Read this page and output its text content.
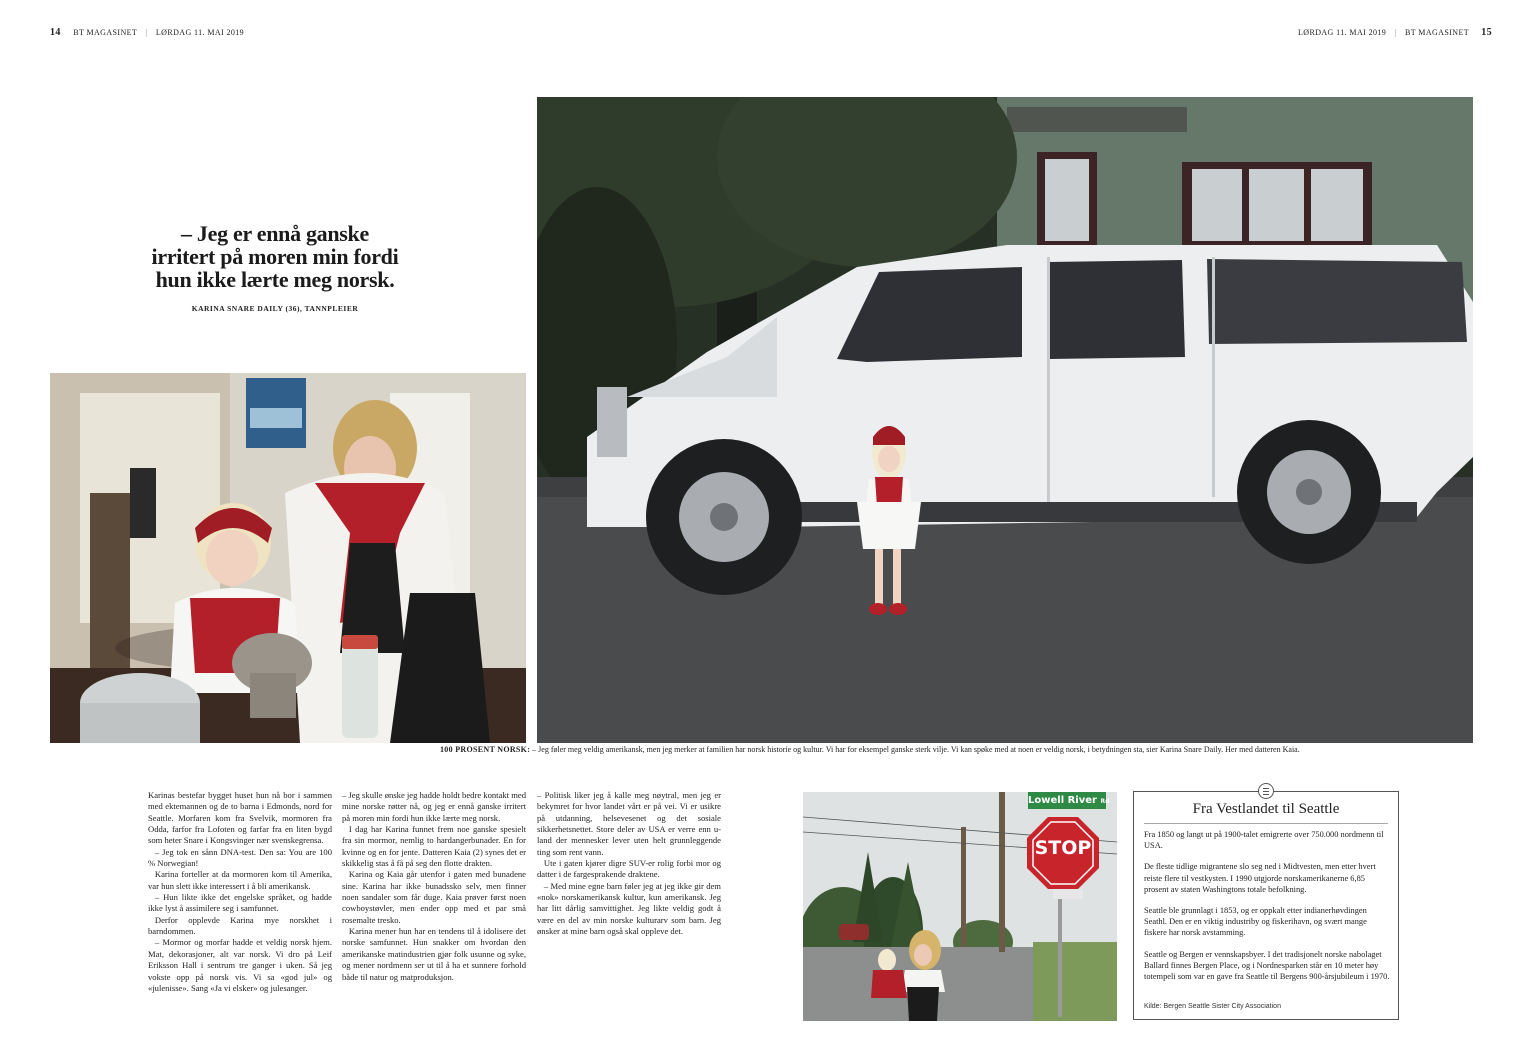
14 BT MAGASINET | LØRDAG 11. MAI 2019	LØRDAG 11. MAI 2019 | BT MAGASINET 15
– Jeg er ennå ganske
irritert på moren min fordi
hun ikke lærte meg norsk.
KARINA SNARE DAILY (36), TANNPLEIER
100 PROSENT NORSK: – Jeg føler meg veldig amerikansk, men jeg merker at familien har norsk historie og kultur. Vi har for eksempel ganske sterk vilje. Vi kan spøke med at noen er veldig norsk, i betydningen sta, sier Karina Snare Daily. Her med datteren Kaia.

Karinas bestefar bygget huset hun nå bor i sammen med ektemannen og de to barna i Edmonds, nord for Seattle. Morfaren kom fra Svelvik, mormoren fra Odda, farfor fra Lofoten og farfar fra en liten bygd som heter Snare i Kongsvinger nær svenskegrensa.

– Jeg tok en sånn DNA-test. Den sa: You are 100 % Norwegian!

Karina forteller at da mormoren kom til Amerika, var hun slett ikke interessert i å bli amerikansk.

– Hun likte ikke det engelske språket, og hadde ikke lyst å assimilere seg i samfunnet.

Derfor opplevde Karina mye norskhet i barndommen.

– Mormor og morfar hadde et veldig norsk hjem. Mat, dekorasjoner, alt var norsk. Vi dro på Leif Eriksson Hall i sentrum tre ganger i uken. Så jeg vokste opp på norsk vis. Vi sa «god jul» og «julenisse». Sang «Ja vi elsker» og julesanger.

– Jeg skulle ønske jeg hadde holdt bedre kontakt med mine norske røtter nå, og jeg er ennå ganske irritert på moren min fordi hun ikke lærte meg norsk.

I dag har Karina funnet frem noe ganske spesielt fra sin mormor, nemlig to hardangerbunader. En for kvinne og en for jente. Datteren Kaia (2) synes det er skikkelig stas å få på seg den flotte drakten.

Karina og Kaia går utenfor i gaten med bunadene sine. Karina har ikke bunadssko selv, men finner noen sandaler som får duge. Kaia prøver først noen cowboystøvler, men ender opp med et par små rosemalte tresko.

Karina mener hun har en tendens til å idolisere det norske samfunnet. Hun snakker om hvordan den amerikanske matindustrien gjør folk usunne og syke, og mener nordmenn ser ut til å ha et sunnere forhold både til natur og matproduksjon.

– Politisk liker jeg å kalle meg nøytral, men jeg er bekymret for hvor landet vårt er på vei. Vi er usikre på utdanning, helsevesenet og det sosiale sikkerhetsnettet. Store deler av USA er verre enn u-land der mennesker lever uten helt grunnleggende ting som rent vann.

Ute i gaten kjører digre SUV-er rolig forbi mor og datter i de fargesprakende draktene.

– Med mine egne barn føler jeg at jeg ikke gir dem «nok» norskamerikansk kultur, kun amerikansk. Jeg har litt dårlig samvittighet. Jeg likte veldig godt å være en del av min norske kulturarv som barn. Jeg ønsker at mine barn også skal oppleve det.

Lowell River Rd
STOP
Fra Vestlandet til Seattle

Fra 1850 og langt ut på 1900-talet emigrerte over 750.000 nordmenn til USA.

De fleste tidlige migrantene slo seg ned i Midtvesten, men etter hvert reiste flere til vestkysten. I 1990 utgjorde norskamerikanerne 6,85 prosent av staten Washingtons totale befolkning.

Seattle ble grunnlagt i 1853, og er oppkalt etter indianerhøvdingen Seathl. Den er en viktig industriby og fiskerihavn, og svært mange fiskere har norsk avstamming.

Seattle og Bergen er vennskapsbyer. I det tradisjonelt norske nabolaget Ballard finnes Bergen Place, og i Nordnesparken står en 10 meter høy totempeli som var en gave fra Seattle til Bergens 900-årsjubileum i 1970.

Kilde: Bergen Seattle Sister City Association
